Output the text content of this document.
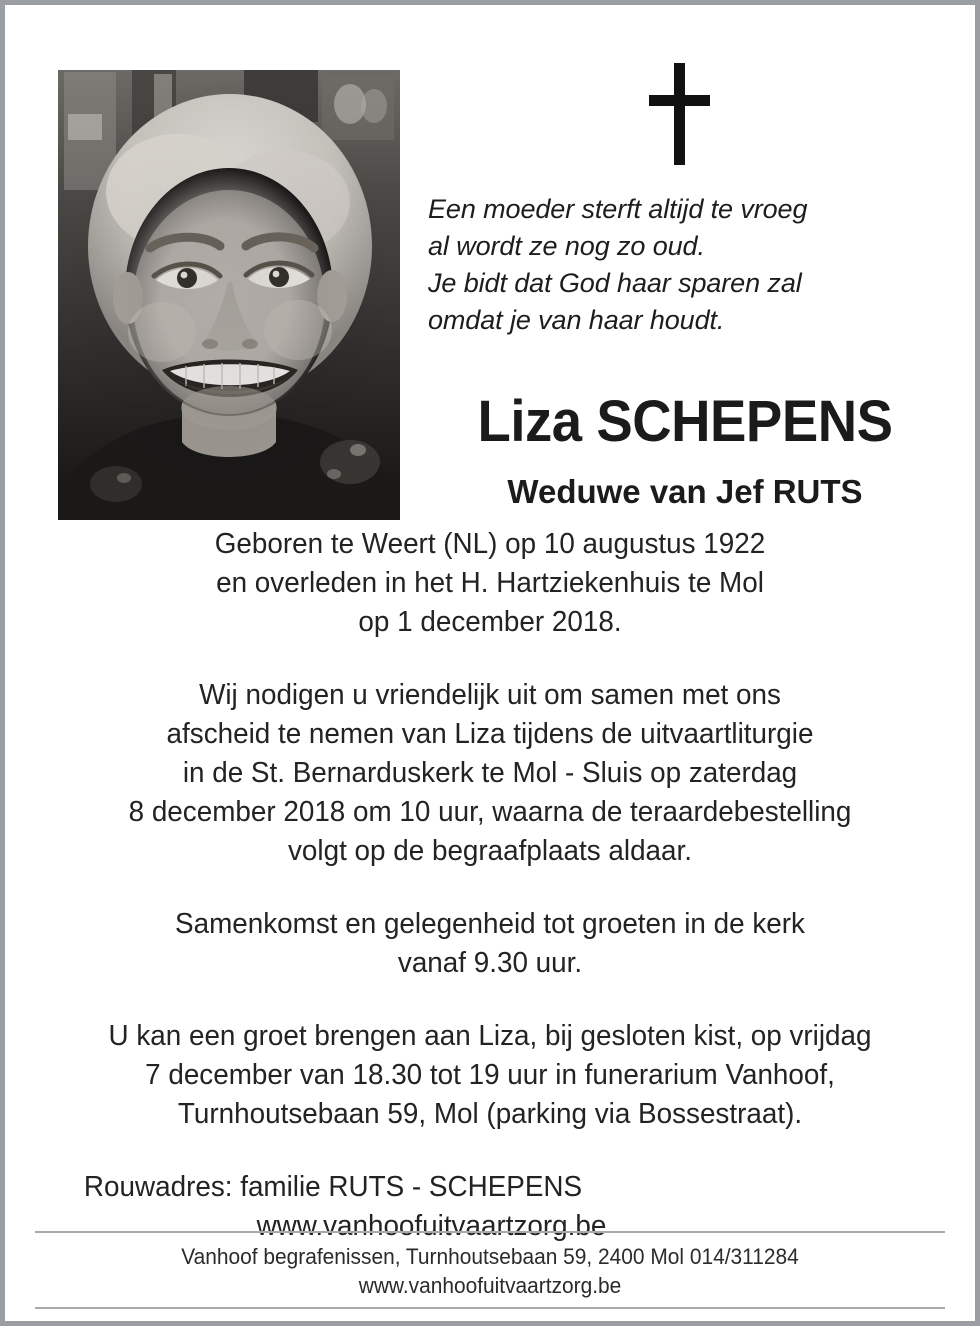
Een moeder sterft altijd te vroeg
al wordt ze nog zo oud.
Je bidt dat God haar sparen zal
omdat je van haar houdt.
Liza SCHEPENS
Weduwe van Jef RUTS
Geboren te Weert (NL) op 10 augustus 1922
en overleden in het H. Hartziekenhuis te Mol
op 1 december 2018.
Wij nodigen u vriendelijk uit om samen met ons
afscheid te nemen van Liza tijdens de uitvaartliturgie
in de St. Bernarduskerk te Mol - Sluis op zaterdag
8 december 2018 om 10 uur, waarna de teraardebestelling
volgt op de begraafplaats aldaar.
Samenkomst en gelegenheid tot groeten in de kerk
vanaf 9.30 uur.
U kan een groet brengen aan Liza, bij gesloten kist, op vrijdag
7 december van 18.30 tot 19 uur in funerarium Vanhoof,
Turnhoutsebaan 59, Mol (parking via Bossestraat).
Rouwadres: familie RUTS - SCHEPENS
www.vanhoofuitvaartzorg.be
Vanhoof begrafenissen, Turnhoutsebaan 59, 2400 Mol 014/311284
www.vanhoofuitvaartzorg.be
